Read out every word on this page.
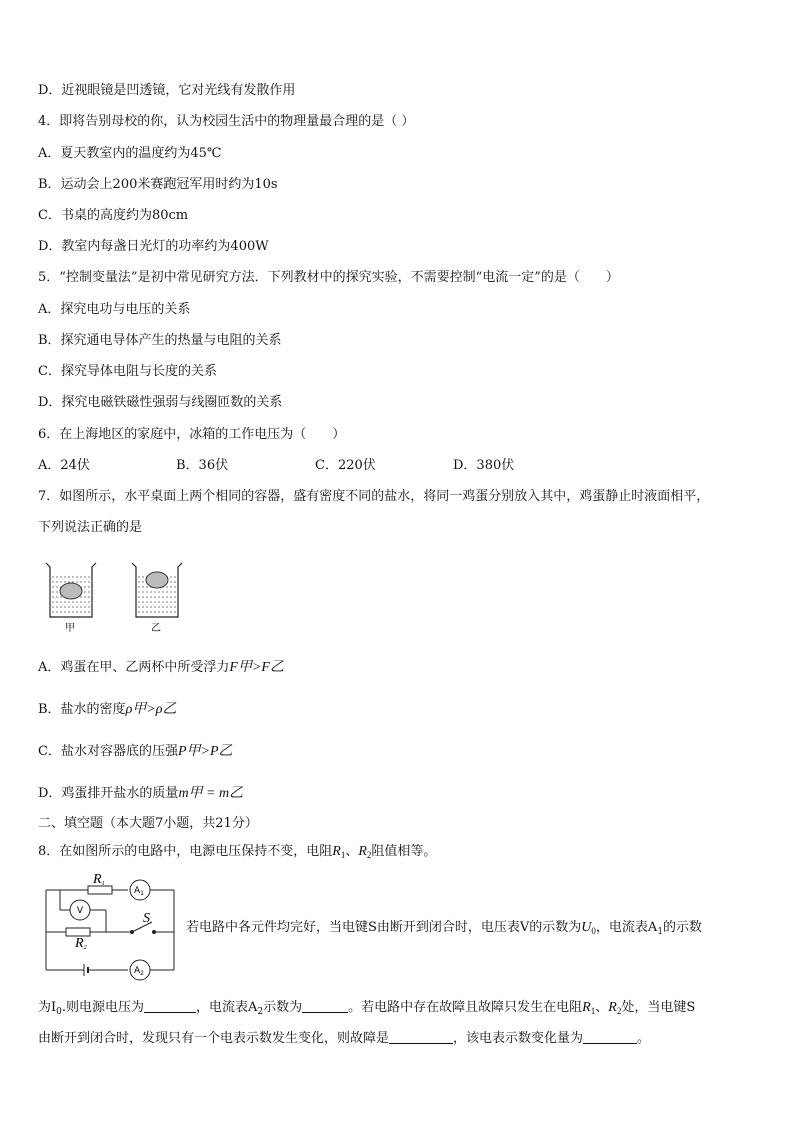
D．近视眼镜是凹透镜，它对光线有发散作用
4．即将告别母校的你，认为校园生活中的物理量最合理的是（ ）
A．夏天教室内的温度约为45℃
B．运动会上200米赛跑冠军用时约为10s
C．书桌的高度约为80cm
D．教室内每盏日光灯的功率约为400W
5．“控制变量法”是初中常见研究方法．下列教材中的探究实验，不需要控制“电流一定”的是（　　）
A．探究电功与电压的关系
B．探究通电导体产生的热量与电阻的关系
C．探究导体电阻与长度的关系
D．探究电磁铁磁性强弱与线圈匝数的关系
6．在上海地区的家庭中，冰箱的工作电压为（　　）
A．24伏	B．36伏	C．220伏	D．380伏
7．如图所示，水平桌面上两个相同的容器，盛有密度不同的盐水，将同一鸡蛋分别放入其中，鸡蛋静止时液面相平，
下列说法正确的是
甲	乙
A．鸡蛋在甲、乙两杯中所受浮力F甲>F乙
B．盐水的密度ρ甲>ρ乙
C．盐水对容器底的压强P甲>P乙
D．鸡蛋排开盐水的质量m甲 = m乙
二、填空题（本大题7小题，共21分）
8．在如图所示的电路中，电源电压保持不变，电阻$R_1$、$R_2$阻值相等。
R1
R2
S
$A_1$
V
$A_2$
若电路中各元件均完好，当电键S由断开到闭合时，电压表V的示数为$U_0$，电流表$A_1$的示数
为$I_0$.则电源电压为	，电流表$A_2$示数为	。若电路中存在故障且故障只发生在电阻$R_1$、$R_2$处，当电键S
由断开到闭合时，发现只有一个电表示数发生变化，则故障是	，该电表示数变化量为	。
